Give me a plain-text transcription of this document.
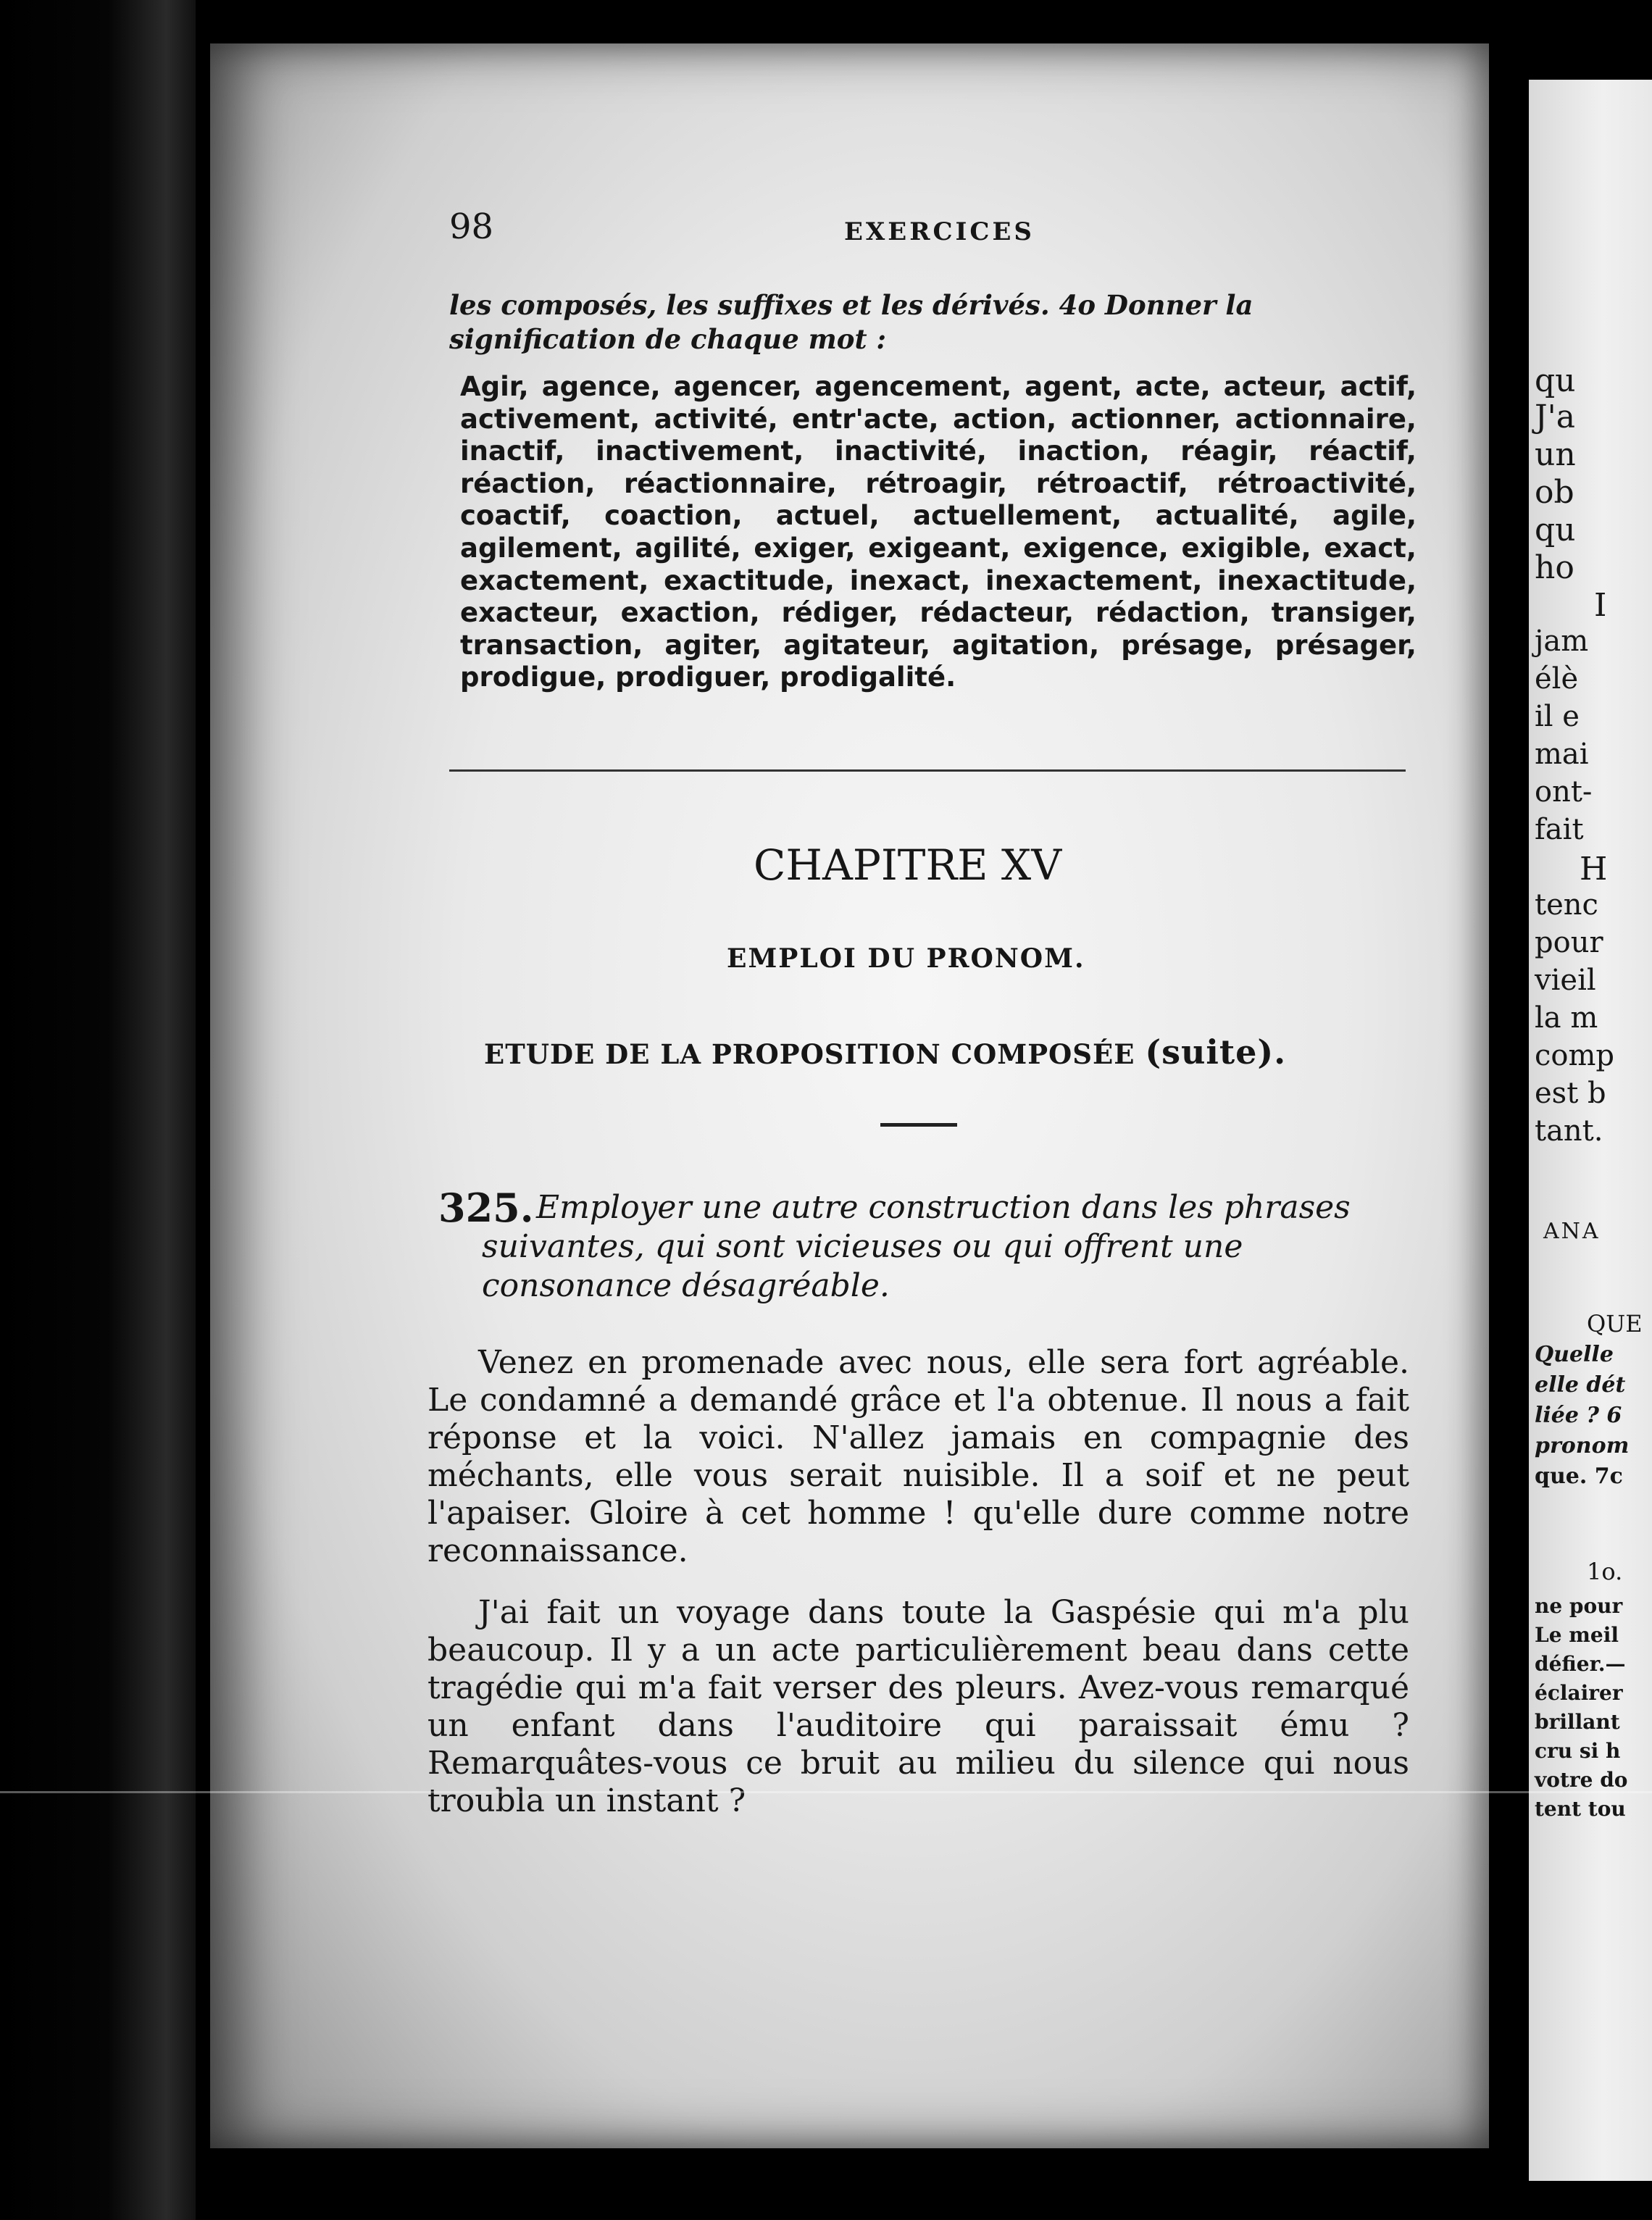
98	EXERCICES
les composés, les suffixes et les dérivés. 4o Donner la signification de chaque mot :
Agir, agence, agencer, agencement, agent, acte, acteur, actif, activement, activité, entr'acte, action, actionner, actionnaire, inactif, inactivement, inactivité, inaction, réagir, réactif, réaction, réactionnaire, rétroagir, rétroactif, rétroactivité, coactif, coaction, actuel, actuellement, actualité, agile, agilement, agilité, exiger, exigeant, exigence, exigible, exact, exactement, exactitude, inexact, inexactement, inexactitude, exacteur, exaction, rédiger, rédacteur, rédaction, transiger, transaction, agiter, agitateur, agitation, présage, présager, prodigue, prodiguer, prodigalité.
CHAPITRE XV
EMPLOI DU PRONOM.
ETUDE DE LA PROPOSITION COMPOSÉE (suite).
325. Employer une autre construction dans les phrases suivantes, qui sont vicieuses ou qui offrent une consonance désagréable.
Venez en promenade avec nous, elle sera fort agréable. Le condamné a demandé grâce et l'a obtenue. Il nous a fait réponse et la voici. N'allez jamais en compagnie des méchants, elle vous serait nuisible. Il a soif et ne peut l'apaiser. Gloire à cet homme ! qu'elle dure comme notre reconnaissance.
J'ai fait un voyage dans toute la Gaspésie qui m'a plu beaucoup. Il y a un acte particulièrement beau dans cette tragédie qui m'a fait verser des pleurs. Avez-vous remarqué un enfant dans l'auditoire qui paraissait ému ? Remarquâtes-vous ce bruit au milieu du silence qui nous troubla un instant ?
qu
J'a
un
ob
qu
ho
I
jam
élè
il e
mai
ont-
fait
H
tenc
pour
vieil
la m
comp
est b
tant.
ANA
QUE
Quelle
elle dét
liée ? 6
pronom
que. 7c
1o.
ne pour
Le meil
défier.—
éclairer
brillant
cru si h
votre do
tent tou
